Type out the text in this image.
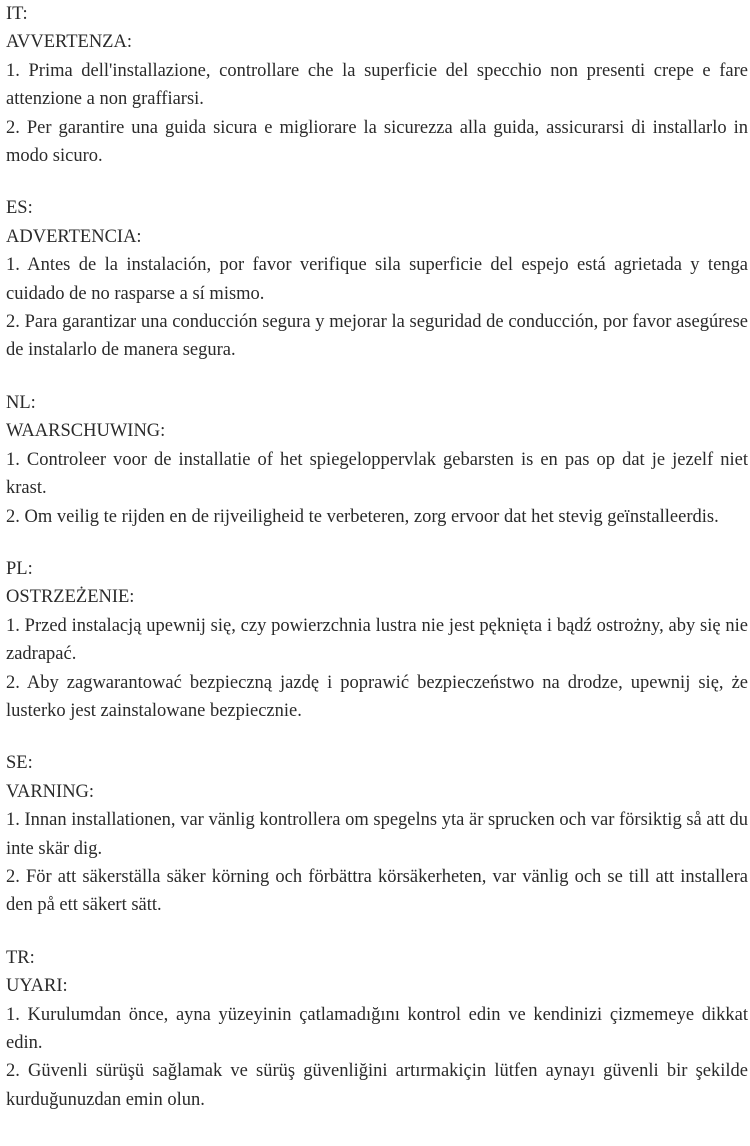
IT:
AVVERTENZA:
1. Prima dell'installazione, controllare che la superficie del specchio non presenti crepe e fare attenzione a non graffiarsi.
2. Per garantire una guida sicura e migliorare la sicurezza alla guida, assicurarsi di installarlo in modo sicuro.
ES:
ADVERTENCIA:
1. Antes de la instalación, por favor verifique sila superficie del espejo está agrietada y tenga cuidado de no rasparse a sí mismo.
2. Para garantizar una conducción segura y mejorar la seguridad de conducción, por favor asegúrese de instalarlo de manera segura.
NL:
WAARSCHUWING:
1. Controleer voor de installatie of het spiegeloppervlak gebarsten is en pas op dat je jezelf niet krast.
2. Om veilig te rijden en de rijveiligheid te verbeteren, zorg ervoor dat het stevig geïnstalleerdis.
PL:
OSTRZEŻENIE:
1. Przed instalacją upewnij się, czy powierzchnia lustra nie jest pęknięta i bądź ostrożny, aby się nie zadrapać.
2. Aby zagwarantować bezpieczną jazdę i poprawić bezpieczeństwo na drodze, upewnij się, że lusterko jest zainstalowane bezpiecznie.
SE:
VARNING:
1. Innan installationen, var vänlig kontrollera om spegelns yta är sprucken och var försiktig så att du inte skär dig.
2. För att säkerställa säker körning och förbättra körsäkerheten, var vänlig och se till att installera den på ett säkert sätt.
TR:
UYARI:
1. Kurulumdan önce, ayna yüzeyinin çatlamadığını kontrol edin ve kendinizi çizmemeye dikkat edin.
2. Güvenli sürüşü sağlamak ve sürüş güvenliğini artırmakiçin lütfen aynayı güvenli bir şekilde kurduğunuzdan emin olun.
